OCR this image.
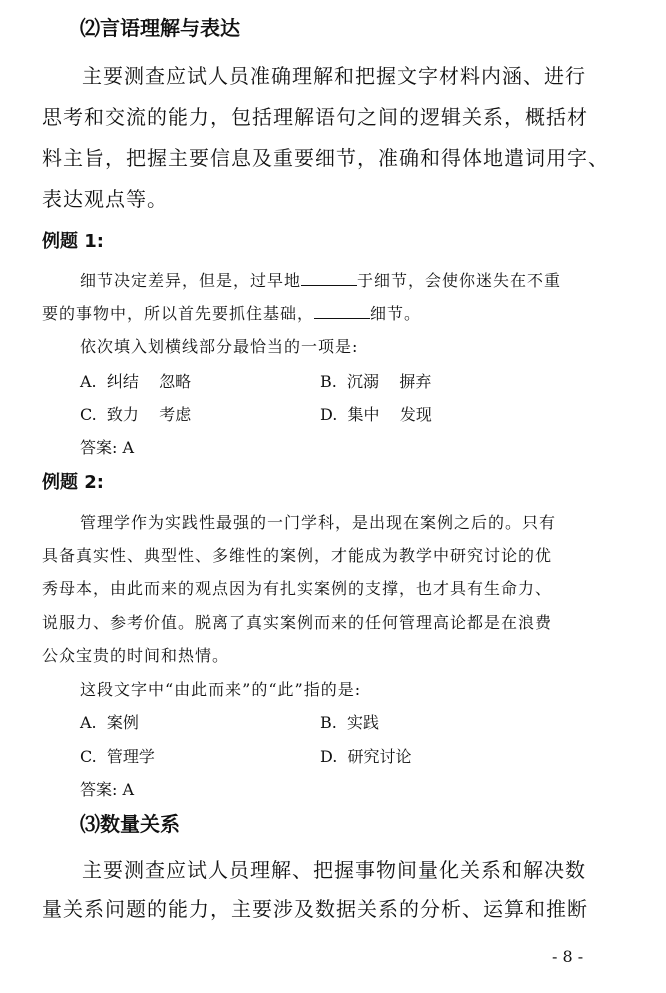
⑵言语理解与表达
主要测查应试人员准确理解和把握文字材料内涵、进行
思考和交流的能力，包括理解语句之间的逻辑关系，概括材
料主旨，把握主要信息及重要细节，准确和得体地遣词用字、
表达观点等。
例题 1:
细节决定差异，但是，过早地	于细节，会使你迷失在不重
要的事物中，所以首先要抓住基础，	细节。
依次填入划横线部分最恰当的一项是:
A.  纠结    忽略	B.  沉溺    摒弃
C.  致力    考虑	D.  集中    发现
答案: A
例题 2:
管理学作为实践性最强的一门学科，是出现在案例之后的。只有
具备真实性、典型性、多维性的案例，才能成为教学中研究讨论的优
秀母本，由此而来的观点因为有扎实案例的支撑，也才具有生命力、
说服力、参考价值。脱离了真实案例而来的任何管理高论都是在浪费
公众宝贵的时间和热情。
这段文字中“由此而来”的“此”指的是:
A.  案例	B.  实践
C.  管理学	D.  研究讨论
答案: A
⑶数量关系
主要测查应试人员理解、把握事物间量化关系和解决数
量关系问题的能力，主要涉及数据关系的分析、运算和推断
- 8 -
